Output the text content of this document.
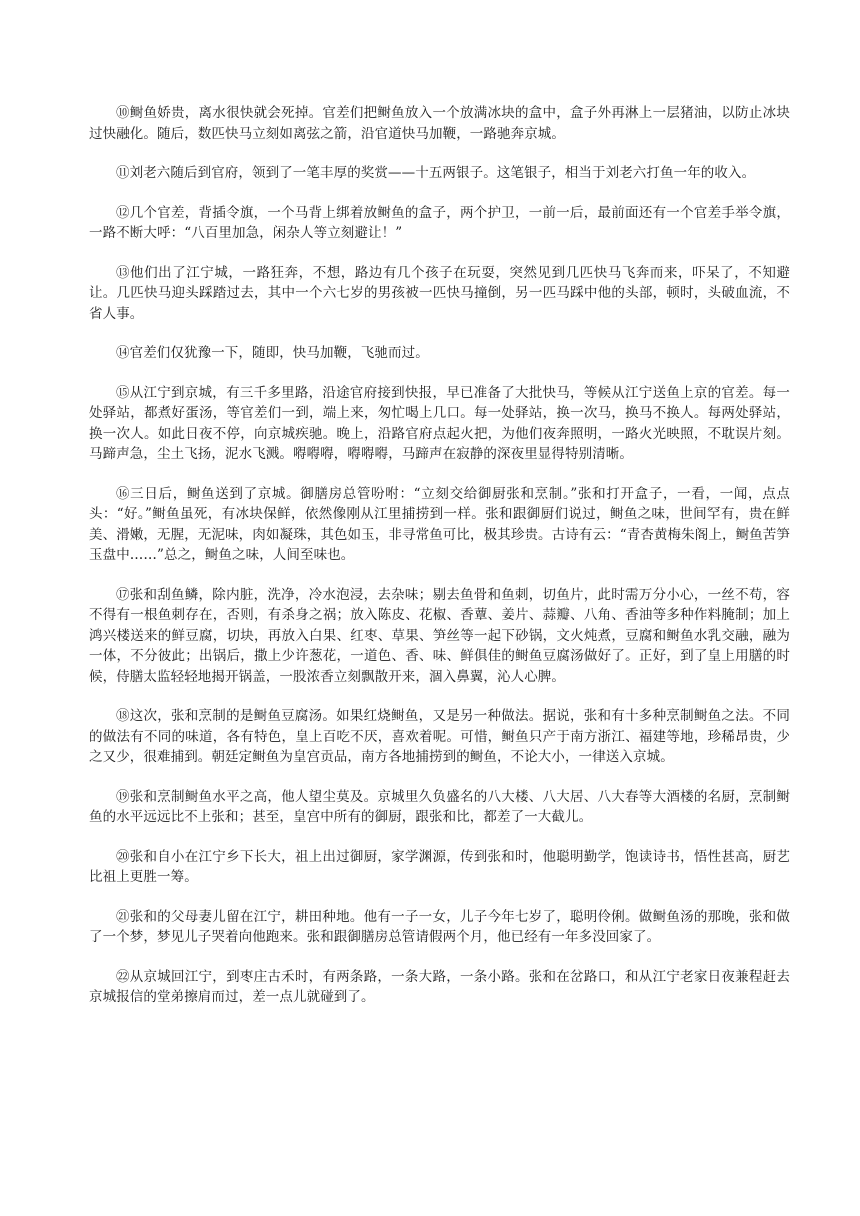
⑩鲥鱼娇贵，离水很快就会死掉。官差们把鲥鱼放入一个放满冰块的盒中，盒子外再淋上一层猪油，以防止冰块过快融化。随后，数匹快马立刻如离弦之箭，沿官道快马加鞭，一路驰奔京城。

⑪刘老六随后到官府，领到了一笔丰厚的奖赏——十五两银子。这笔银子，相当于刘老六打鱼一年的收入。

⑫几个官差，背插令旗，一个马背上绑着放鲥鱼的盒子，两个护卫，一前一后，最前面还有一个官差手举令旗，一路不断大呼：“八百里加急，闲杂人等立刻避让！”

⑬他们出了江宁城，一路狂奔，不想，路边有几个孩子在玩耍，突然见到几匹快马飞奔而来，吓呆了，不知避让。几匹快马迎头踩踏过去，其中一个六七岁的男孩被一匹快马撞倒，另一匹马踩中他的头部，顿时，头破血流，不省人事。

⑭官差们仅犹豫一下，随即，快马加鞭，飞驰而过。

⑮从江宁到京城，有三千多里路，沿途官府接到快报，早已准备了大批快马，等候从江宁送鱼上京的官差。每一处驿站，都煮好蛋汤，等官差们一到，端上来，匆忙喝上几口。每一处驿站，换一次马，换马不换人。每两处驿站，换一次人。如此日夜不停，向京城疾驰。晚上，沿路官府点起火把，为他们夜奔照明，一路火光映照，不耽误片刻。马蹄声急，尘土飞扬，泥水飞溅。嘚嘚嘚，嘚嘚嘚，马蹄声在寂静的深夜里显得特别清晰。

⑯三日后，鲥鱼送到了京城。御膳房总管吩咐：“立刻交给御厨张和烹制。”张和打开盒子，一看，一闻，点点头：“好。”鲥鱼虽死，有冰块保鲜，依然像刚从江里捕捞到一样。张和跟御厨们说过，鲥鱼之味，世间罕有，贵在鲜美、滑嫩，无腥，无泥味，肉如凝珠，其色如玉，非寻常鱼可比，极其珍贵。古诗有云：“青杏黄梅朱阁上，鲥鱼苦笋玉盘中……”总之，鲥鱼之味，人间至味也。

⑰张和刮鱼鳞，除内脏，洗净，冷水泡浸，去杂味；剔去鱼骨和鱼刺，切鱼片，此时需万分小心，一丝不苟，容不得有一根鱼刺存在，否则，有杀身之祸；放入陈皮、花椒、香蕈、姜片、蒜瓣、八角、香油等多种作料腌制；加上鸿兴楼送来的鲜豆腐，切块，再放入白果、红枣、草果、笋丝等一起下砂锅，文火炖煮，豆腐和鲥鱼水乳交融，融为一体，不分彼此；出锅后，撒上少许葱花，一道色、香、味、鲜俱佳的鲥鱼豆腐汤做好了。正好，到了皇上用膳的时候，侍膳太监轻轻地揭开锅盖，一股浓香立刻飘散开来，涸入鼻翼，沁人心脾。

⑱这次，张和烹制的是鲥鱼豆腐汤。如果红烧鲥鱼，又是另一种做法。据说，张和有十多种烹制鲥鱼之法。不同的做法有不同的味道，各有特色，皇上百吃不厌，喜欢着呢。可惜，鲥鱼只产于南方浙江、福建等地，珍稀昂贵，少之又少，很难捕到。朝廷定鲥鱼为皇宫贡品，南方各地捕捞到的鲥鱼，不论大小，一律送入京城。

⑲张和烹制鲥鱼水平之高，他人望尘莫及。京城里久负盛名的八大楼、八大居、八大春等大酒楼的名厨，烹制鲥鱼的水平远远比不上张和；甚至，皇宫中所有的御厨，跟张和比，都差了一大截儿。

⑳张和自小在江宁乡下长大，祖上出过御厨，家学渊源，传到张和时，他聪明勤学，饱读诗书，悟性甚高，厨艺比祖上更胜一筹。

㉑张和的父母妻儿留在江宁，耕田种地。他有一子一女，儿子今年七岁了，聪明伶俐。做鲥鱼汤的那晚，张和做了一个梦，梦见儿子哭着向他跑来。张和跟御膳房总管请假两个月，他已经有一年多没回家了。

㉒从京城回江宁，到枣庄古禾时，有两条路，一条大路，一条小路。张和在岔路口，和从江宁老家日夜兼程赶去京城报信的堂弟擦肩而过，差一点儿就碰到了。
